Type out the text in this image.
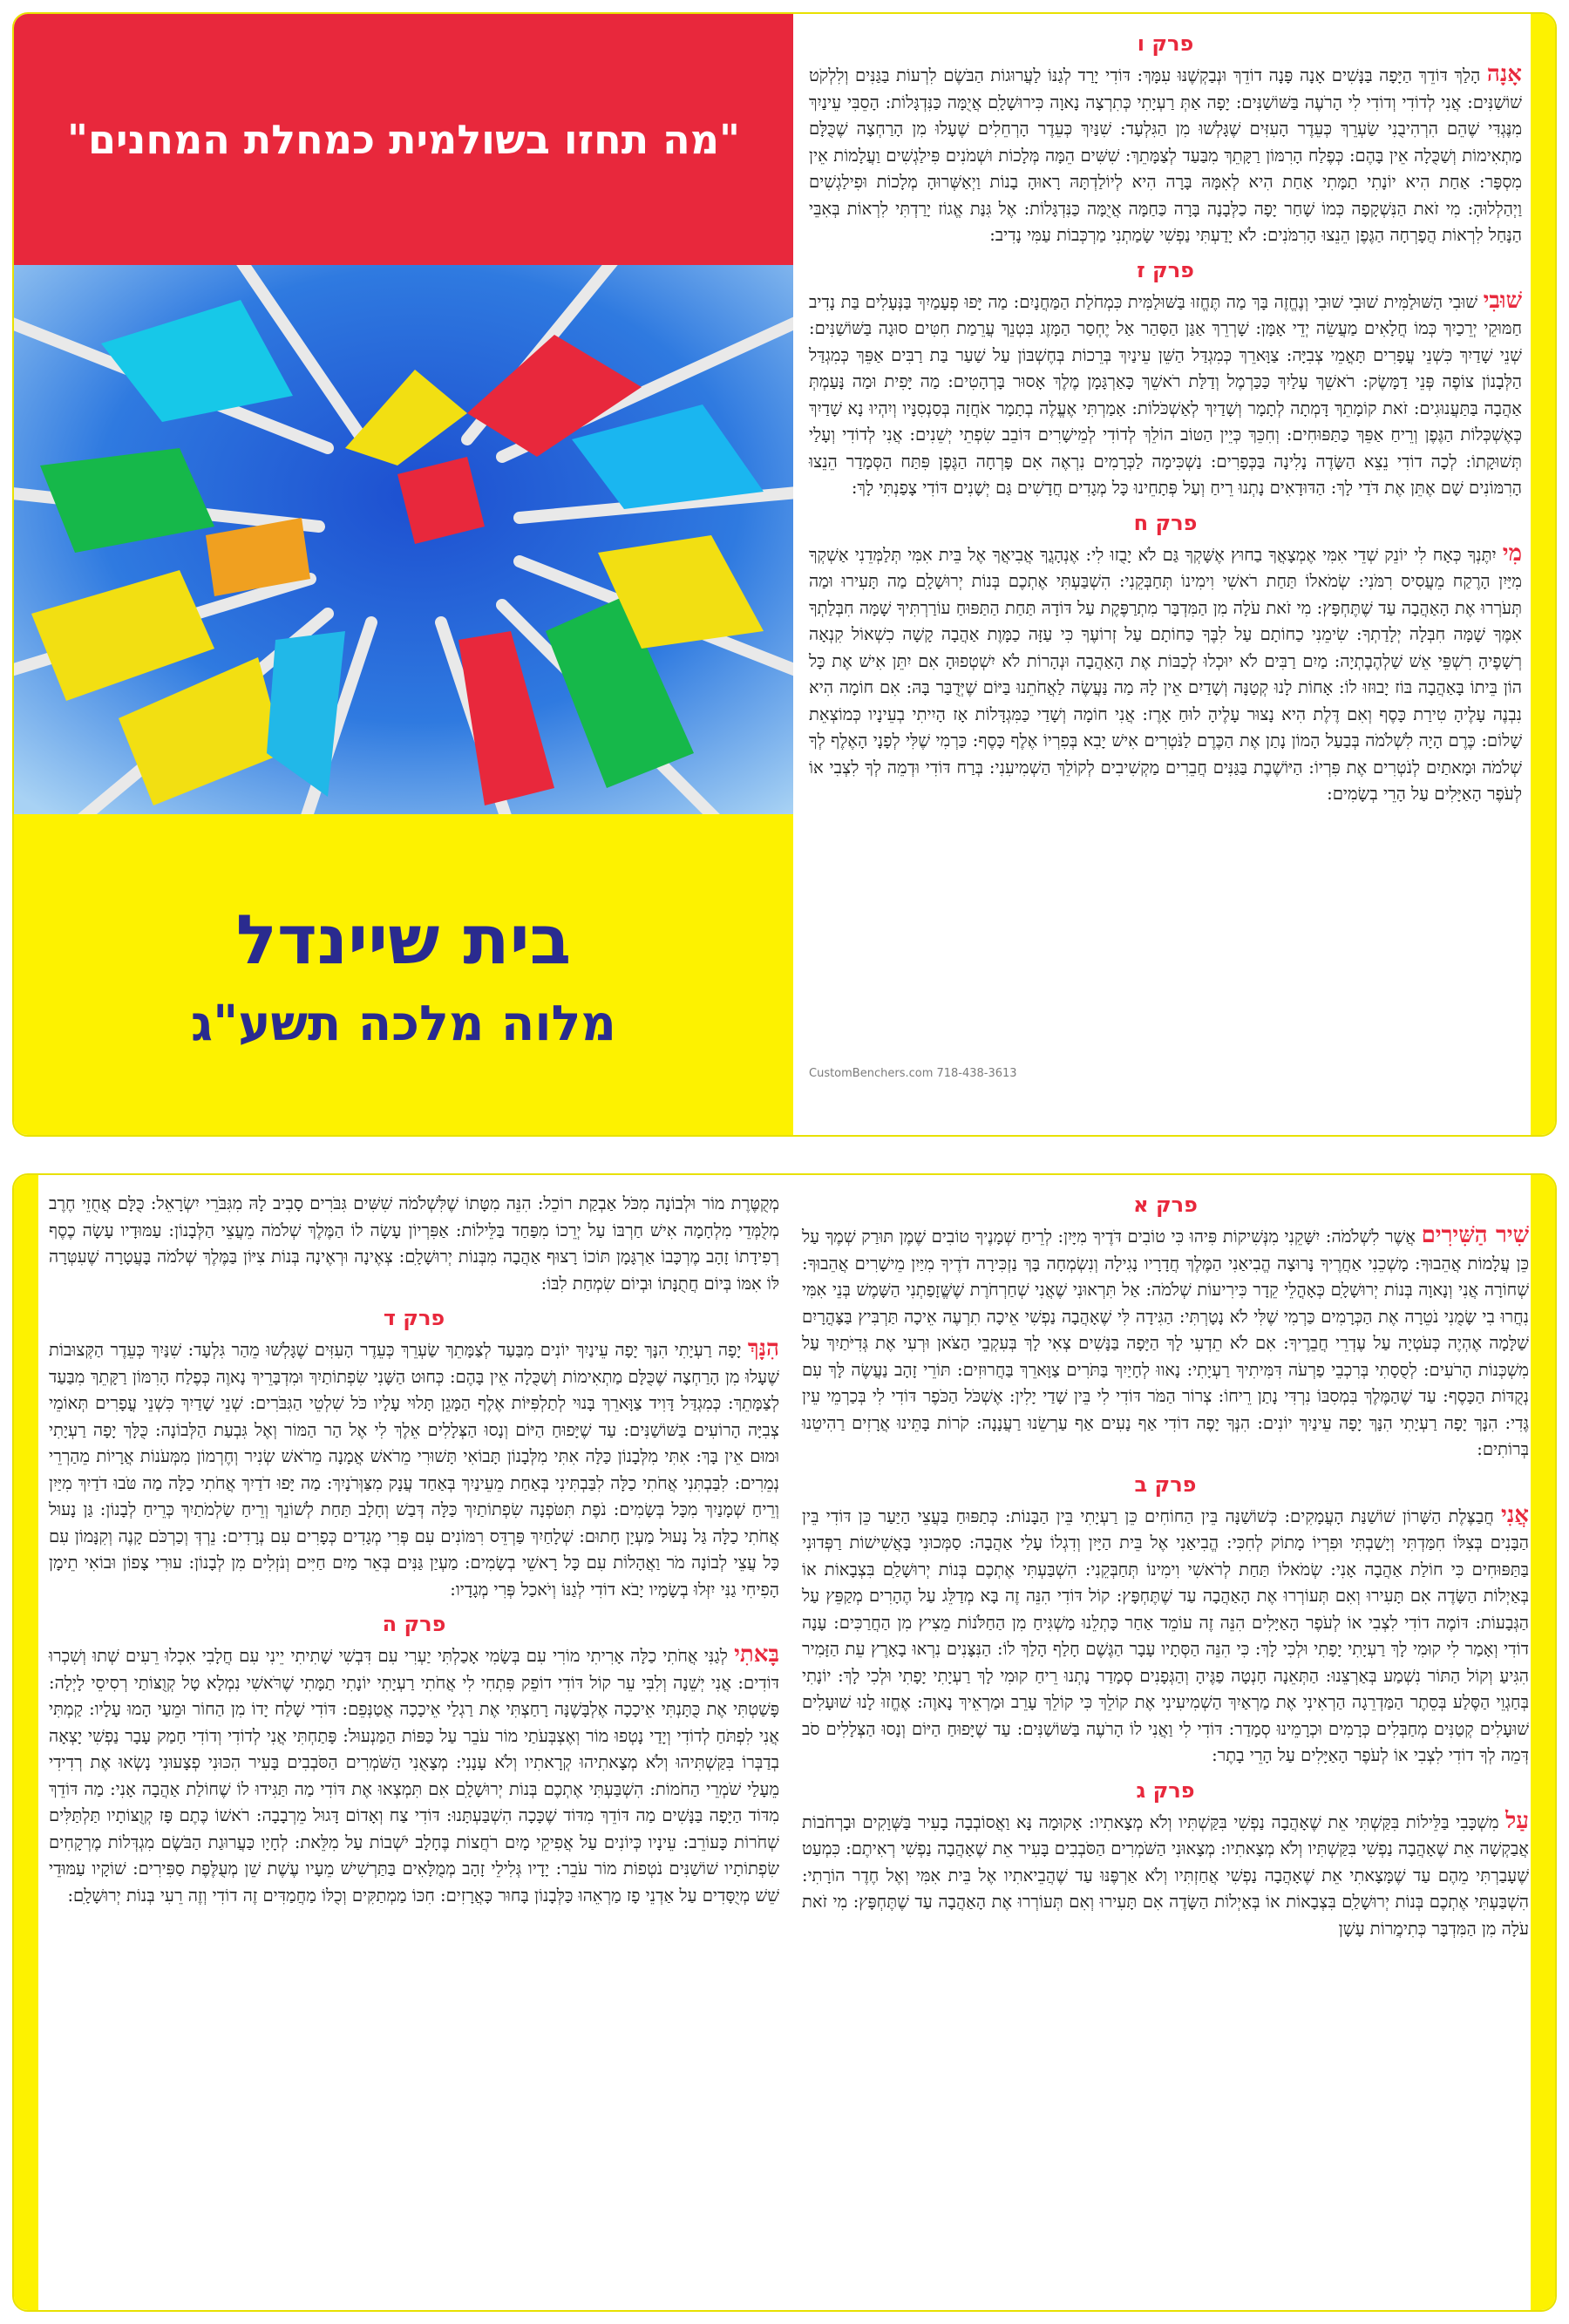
"מה תחזו בשולמית כמחלת המחנים"
בית שיינדל
מלוה מלכה תשע"ג
פרק ו
אָנָה הָלַךְ דּוֹדֵךְ הַיָּפָה בַּנָּשִׁים אָנָה פָּנָה דוֹדֵךְ וּנְבַקְשֶׁנּוּ עִמָּךְ: דּוֹדִי יָרַד לְגַנּוֹ לַעֲרוּגוֹת הַבֹּשֶׂם לִרְעוֹת בַּגַּנִּים וְלִלְקֹט שׁוֹשַׁנִּים: אֲנִי לְדוֹדִי וְדוֹדִי לִי הָרֹעֶה בַּשּׁוֹשַׁנִּים: יָפָה אַתְּ רַעְיָתִי כְּתִרְצָה נָאוָה כִּירוּשָׁלָ‍ִם אֲיֻמָּה כַּנִּדְגָּלוֹת: הָסֵבִּי עֵינַיִךְ מִנֶּגְדִּי שֶׁהֵם הִרְהִיבֻנִי שַׂעְרֵךְ כְּעֵדֶר הָעִזִּים שֶׁגָּלְשׁוּ מִן הַגִּלְעָד: שִׁנַּיִךְ כְּעֵדֶר הָרְחֵלִים שֶׁעָלוּ מִן הָרַחְצָה שֶׁכֻּלָּם מַתְאִימוֹת וְשַׁכֻּלָה אֵין בָּהֶם: כְּפֶלַח הָרִמּוֹן רַקָּתֵךְ מִבַּעַד לְצַמָּתֵךְ: שִׁשִּׁים הֵמָּה מְּלָכוֹת וּשְׁמֹנִים פִּילַגְשִׁים וַעֲלָמוֹת אֵין מִסְפָּר: אַחַת הִיא יוֹנָתִי תַמָּתִי אַחַת הִיא לְאִמָּהּ בָּרָה הִיא לְיוֹלַדְתָּהּ רָאוּהָ בָנוֹת וַיְאַשְּׁרוּהָ מְלָכוֹת וּפִילַגְשִׁים וַיְהַלְלוּהָ: מִי זֹאת הַנִּשְׁקָפָה כְּמוֹ שָׁחַר יָפָה כַלְּבָנָה בָּרָה כַּחַמָּה אֲיֻמָּה כַּנִּדְגָּלוֹת: אֶל גִּנַּת אֱגוֹז יָרַדְתִּי לִרְאוֹת בְּאִבֵּי הַנָּחַל לִרְאוֹת הֲפָרְחָה הַגֶּפֶן הֵנֵצוּ הָרִמֹּנִים: לֹא יָדַעְתִּי נַפְשִׁי שָׂמַתְנִי מַרְכְּבוֹת עַמִּי נָדִיב:
פרק ז
שׁוּבִי שׁוּבִי הַשּׁוּלַמִּית שׁוּבִי שׁוּבִי וְנֶחֱזֶה בָּךְ מַה תֶּחֱזוּ בַּשּׁוּלַמִּית כִּמְחֹלַת הַמַּחֲנָיִם: מַה יָּפוּ פְעָמַיִךְ בַּנְּעָלִים בַּת נָדִיב חַמּוּקֵי יְרֵכַיִךְ כְּמוֹ חֲלָאִים מַעֲשֵׂה יְדֵי אָמָּן: שָׁרְרֵךְ אַגַּן הַסַּהַר אַל יֶחְסַר הַמָּזֶג בִּטְנֵךְ עֲרֵמַת חִטִּים סוּגָה בַּשּׁוֹשַׁנִּים: שְׁנֵי שָׁדַיִךְ כִּשְׁנֵי עֳפָרִים תָּאֳמֵי צְבִיָּה: צַוָּארֵךְ כְּמִגְדַּל הַשֵּׁן עֵינַיִךְ בְּרֵכוֹת בְּחֶשְׁבּוֹן עַל שַׁעַר בַּת רַבִּים אַפֵּךְ כְּמִגְדַּל הַלְּבָנוֹן צוֹפֶה פְּנֵי דַמָּשֶׂק: רֹאשֵׁךְ עָלַיִךְ כַּכַּרְמֶל וְדַלַּת רֹאשֵׁךְ כָּאַרְגָּמָן מֶלֶךְ אָסוּר בָּרְהָטִים: מַה יָּפִית וּמַה נָּעַמְתְּ אַהֲבָה בַּתַּעֲנוּגִים: זֹאת קוֹמָתֵךְ דָּמְתָה לְתָמָר וְשָׁדַיִךְ לְאַשְׁכֹּלוֹת: אָמַרְתִּי אֶעֱלֶה בְתָמָר אֹחֲזָה בְּסַנְסִנָּיו וְיִהְיוּ נָא שָׁדַיִךְ כְּאֶשְׁכְּלוֹת הַגֶּפֶן וְרֵיחַ אַפֵּךְ כַּתַּפּוּחִים: וְחִכֵּךְ כְּיֵין הַטּוֹב הוֹלֵךְ לְדוֹדִי לְמֵישָׁרִים דּוֹבֵב שִׂפְתֵי יְשֵׁנִים: אֲנִי לְדוֹדִי וְעָלַי תְּשׁוּקָתוֹ: לְכָה דוֹדִי נֵצֵא הַשָּׂדֶה נָלִינָה בַּכְּפָרִים: נַשְׁכִּימָה לַכְּרָמִים נִרְאֶה אִם פָּרְחָה הַגֶּפֶן פִּתַּח הַסְּמָדַר הֵנֵצוּ הָרִמּוֹנִים שָׁם אֶתֵּן אֶת דֹּדַי לָךְ: הַדּוּדָאִים נָתְנוּ רֵיחַ וְעַל פְּתָחֵינוּ כָּל מְגָדִים חֲדָשִׁים גַּם יְשָׁנִים דּוֹדִי צָפַנְתִּי לָךְ:
פרק ח
מִי יִתֶּנְךָ כְּאָח לִי יוֹנֵק שְׁדֵי אִמִּי אֶמְצָאֲךָ בַחוּץ אֶשָּׁקְךָ גַּם לֹא יָבֻזוּ לִי: אֶנְהָגֲךָ אֲבִיאֲךָ אֶל בֵּית אִמִּי תְּלַמְּדֵנִי אַשְׁקְךָ מִיַּיִן הָרֶקַח מֵעֲסִיס רִמֹּנִי: שְׂמֹאלוֹ תַּחַת רֹאשִׁי וִימִינוֹ תְּחַבְּקֵנִי: הִשְׁבַּעְתִּי אֶתְכֶם בְּנוֹת יְרוּשָׁלָ‍ִם מַה תָּעִירוּ וּמַה תְּעֹרְרוּ אֶת הָאַהֲבָה עַד שֶׁתֶּחְפָּץ: מִי זֹאת עֹלָה מִן הַמִּדְבָּר מִתְרַפֶּקֶת עַל דּוֹדָהּ תַּחַת הַתַּפּוּחַ עוֹרַרְתִּיךָ שָׁמָּה חִבְּלַתְךָ אִמֶּךָ שָׁמָּה חִבְּלָה יְלָדַתְךָ: שִׂימֵנִי כַחוֹתָם עַל לִבֶּךָ כַּחוֹתָם עַל זְרוֹעֶךָ כִּי עַזָּה כַמָּוֶת אַהֲבָה קָשָׁה כִשְׁאוֹל קִנְאָה רְשָׁפֶיהָ רִשְׁפֵּי אֵשׁ שַׁלְהֶבֶתְיָה: מַיִם רַבִּים לֹא יוּכְלוּ לְכַבּוֹת אֶת הָאַהֲבָה וּנְהָרוֹת לֹא יִשְׁטְפוּהָ אִם יִתֵּן אִישׁ אֶת כָּל הוֹן בֵּיתוֹ בָּאַהֲבָה בּוֹז יָבוּזוּ לוֹ: אָחוֹת לָנוּ קְטַנָּה וְשָׁדַיִם אֵין לָהּ מַה נַּעֲשֶׂה לַאֲחֹתֵנוּ בַּיּוֹם שֶׁיְּדֻבַּר בָּהּ: אִם חוֹמָה הִיא נִבְנֶה עָלֶיהָ טִירַת כָּסֶף וְאִם דֶּלֶת הִיא נָצוּר עָלֶיהָ לוּחַ אָרֶז: אֲנִי חוֹמָה וְשָׁדַי כַּמִּגְדָּלוֹת אָז הָיִיתִי בְעֵינָיו כְּמוֹצְאֵת שָׁלוֹם: כֶּרֶם הָיָה לִשְׁלֹמֹה בְּבַעַל הָמוֹן נָתַן אֶת הַכֶּרֶם לַנֹּטְרִים אִישׁ יָבִא בְּפִרְיוֹ אֶלֶף כָּסֶף: כַּרְמִי שֶׁלִּי לְפָנָי הָאֶלֶף לְךָ שְׁלֹמֹה וּמָאתַיִם לְנֹטְרִים אֶת פִּרְיוֹ: הַיּוֹשֶׁבֶת בַּגַּנִּים חֲבֵרִים מַקְשִׁיבִים לְקוֹלֵךְ הַשְׁמִיעִנִי: בְּרַח דּוֹדִי וּדְמֵה לְךָ לִצְבִי אוֹ לְעֹפֶר הָאַיָּלִים עַל הָרֵי בְשָׂמִים:
CustomBenchers.com 718-438-3613
פרק א
שִׁיר הַשִּׁירִים אֲשֶׁר לִשְׁלֹמֹה: יִשָּׁקֵנִי מִנְּשִׁיקוֹת פִּיהוּ כִּי טוֹבִים דֹּדֶיךָ מִיָּיִן: לְרֵיחַ שְׁמָנֶיךָ טוֹבִים שֶׁמֶן תּוּרַק שְׁמֶךָ עַל כֵּן עֲלָמוֹת אֲהֵבוּךָ: מָשְׁכֵנִי אַחֲרֶיךָ נָּרוּצָה הֱבִיאַנִי הַמֶּלֶךְ חֲדָרָיו נָגִילָה וְנִשְׂמְחָה בָּךְ נַזְכִּירָה דֹדֶיךָ מִיַּיִן מֵישָׁרִים אֲהֵבוּךָ: שְׁחוֹרָה אֲנִי וְנָאוָה בְּנוֹת יְרוּשָׁלָ‍ִם כְּאָהֳלֵי קֵדָר כִּירִיעוֹת שְׁלֹמֹה: אַל תִּרְאוּנִי שֶׁאֲנִי שְׁחַרְחֹרֶת שֶׁשֱּׁזָפַתְנִי הַשָּׁמֶשׁ בְּנֵי אִמִּי נִחֲרוּ בִי שָׂמֻנִי נֹטֵרָה אֶת הַכְּרָמִים כַּרְמִי שֶׁלִּי לֹא נָטָרְתִּי: הַגִּידָה לִּי שֶׁאָהֲבָה נַפְשִׁי אֵיכָה תִרְעֶה אֵיכָה תַּרְבִּיץ בַּצָּהֳרָיִם שַׁלָּמָה אֶהְיֶה כְּעֹטְיָה עַל עֶדְרֵי חֲבֵרֶיךָ: אִם לֹא תֵדְעִי לָךְ הַיָּפָה בַּנָּשִׁים צְאִי לָךְ בְּעִקְבֵי הַצֹּאן וּרְעִי אֶת גְּדִיֹּתַיִךְ עַל מִשְׁכְּנוֹת הָרֹעִים: לְסֻסָתִי בְּרִכְבֵי פַרְעֹה דִּמִּיתִיךְ רַעְיָתִי: נָאווּ לְחָיַיִךְ בַּתֹּרִים צַוָּארֵךְ בַּחֲרוּזִים: תּוֹרֵי זָהָב נַעֲשֶׂה לָּךְ עִם נְקֻדּוֹת הַכָּסֶף: עַד שֶׁהַמֶּלֶךְ בִּמְסִבּוֹ נִרְדִּי נָתַן רֵיחוֹ: צְרוֹר הַמֹּר דּוֹדִי לִי בֵּין שָׁדַי יָלִין: אֶשְׁכֹּל הַכֹּפֶר דּוֹדִי לִי בְּכַרְמֵי עֵין גֶּדִי: הִנָּךְ יָפָה רַעְיָתִי הִנָּךְ יָפָה עֵינַיִךְ יוֹנִים: הִנְּךָ יָפֶה דוֹדִי אַף נָעִים אַף עַרְשֵׂנוּ רַעֲנָנָה: קֹרוֹת בָּתֵּינוּ אֲרָזִים רַהִיטֵנוּ בְּרוֹתִים:
פרק ב
אֲנִי חֲבַצֶּלֶת הַשָּׁרוֹן שׁוֹשַׁנַּת הָעֲמָקִים: כְּשׁוֹשַׁנָּה בֵּין הַחוֹחִים כֵּן רַעְיָתִי בֵּין הַבָּנוֹת: כְּתַפּוּחַ בַּעֲצֵי הַיַּעַר כֵּן דּוֹדִי בֵּין הַבָּנִים בְּצִלּוֹ חִמַּדְתִּי וְיָשַׁבְתִּי וּפִרְיוֹ מָתוֹק לְחִכִּי: הֱבִיאַנִי אֶל בֵּית הַיָּיִן וְדִגְלוֹ עָלַי אַהֲבָה: סַמְּכוּנִי בָּאֲשִׁישׁוֹת רַפְּדוּנִי בַּתַּפּוּחִים כִּי חוֹלַת אַהֲבָה אָנִי: שְׂמֹאלוֹ תַּחַת לְרֹאשִׁי וִימִינוֹ תְּחַבְּקֵנִי: הִשְׁבַּעְתִּי אֶתְכֶם בְּנוֹת יְרוּשָׁלַ‍ִם בִּצְבָאוֹת אוֹ בְּאַיְלוֹת הַשָּׂדֶה אִם תָּעִירוּ וְאִם תְּעוֹרְרוּ אֶת הָאַהֲבָה עַד שֶׁתֶּחְפָּץ: קוֹל דּוֹדִי הִנֵּה זֶה בָּא מְדַלֵּג עַל הֶהָרִים מְקַפֵּץ עַל הַגְּבָעוֹת: דּוֹמֶה דוֹדִי לִצְבִי אוֹ לְעֹפֶר הָאַיָּלִים הִנֵּה זֶה עוֹמֵד אַחַר כָּתְלֵנוּ מַשְׁגִּיחַ מִן הַחַלֹּנוֹת מֵצִיץ מִן הַחֲרַכִּים: עָנָה דוֹדִי וְאָמַר לִי קוּמִי לָךְ רַעְיָתִי יָפָתִי וּלְכִי לָךְ: כִּי הִנֵּה הַסְּתָיו עָבָר הַגֶּשֶׁם חָלַף הָלַךְ לוֹ: הַנִּצָּנִים נִרְאוּ בָאָרֶץ עֵת הַזָּמִיר הִגִּיעַ וְקוֹל הַתּוֹר נִשְׁמַע בְּאַרְצֵנוּ: הַתְּאֵנָה חָנְטָה פַגֶּיהָ וְהַגְּפָנִים סְמָדַר נָתְנוּ רֵיחַ קוּמִי לָךְ רַעְיָתִי יָפָתִי וּלְכִי לָךְ: יוֹנָתִי בְּחַגְוֵי הַסֶּלַע בְּסֵתֶר הַמַּדְרֵגָה הַרְאִינִי אֶת מַרְאַיִךְ הַשְׁמִיעִינִי אֶת קוֹלֵךְ כִּי קוֹלֵךְ עָרֵב וּמַרְאֵיךְ נָאוֶה: אֶחֱזוּ לָנוּ שׁוּעָלִים שׁוּעָלִים קְטַנִּים מְחַבְּלִים כְּרָמִים וּכְרָמֵינוּ סְמָדַר: דּוֹדִי לִי וַאֲנִי לוֹ הָרֹעֶה בַּשּׁוֹשַׁנִּים: עַד שֶׁיָּפוּחַ הַיּוֹם וְנָסוּ הַצְּלָלִים סֹב דְּמֵה לְךָ דוֹדִי לִצְבִי אוֹ לְעֹפֶר הָאַיָּלִים עַל הָרֵי בָתֶר:
פרק ג
עַל מִשְׁכָּבִי בַּלֵּילוֹת בִּקַּשְׁתִּי אֵת שֶׁאָהֲבָה נַפְשִׁי בִּקַּשְׁתִּיו וְלֹא מְצָאתִיו: אָקוּמָה נָּא וַאֲסוֹבְבָה בָעִיר בַּשְּׁוָקִים וּבָרְחֹבוֹת אֲבַקְשָׁה אֵת שֶׁאָהֲבָה נַפְשִׁי בִּקַּשְׁתִּיו וְלֹא מְצָאתִיו: מְצָאוּנִי הַשֹּׁמְרִים הַסֹּבְבִים בָּעִיר אֵת שֶׁאָהֲבָה נַפְשִׁי רְאִיתֶם: כִּמְעַט שֶׁעָבַרְתִּי מֵהֶם עַד שֶׁמָּצָאתִי אֵת שֶׁאָהֲבָה נַפְשִׁי אֲחַזְתִּיו וְלֹא אַרְפֶּנּוּ עַד שֶׁהֲבֵיאתִיו אֶל בֵּית אִמִּי וְאֶל חֶדֶר הוֹרָתִי: הִשְׁבַּעְתִּי אֶתְכֶם בְּנוֹת יְרוּשָׁלַ‍ִם בִּצְבָאוֹת אוֹ בְּאַיְלוֹת הַשָּׂדֶה אִם תָּעִירוּ וְאִם תְּעוֹרְרוּ אֶת הָאַהֲבָה עַד שֶׁתֶּחְפָּץ: מִי זֹאת עֹלָה מִן הַמִּדְבָּר כְּתִימֲרוֹת עָשָׁן
מְקֻטֶּרֶת מוֹר וּלְבוֹנָה מִכֹּל אַבְקַת רוֹכֵל: הִנֵּה מִטָּתוֹ שֶׁלִּשְׁלֹמֹה שִׁשִּׁים גִּבֹּרִים סָבִיב לָהּ מִגִּבֹּרֵי יִשְׂרָאֵל: כֻּלָּם אֲחֻזֵי חֶרֶב מְלֻמְּדֵי מִלְחָמָה אִישׁ חַרְבּוֹ עַל יְרֵכוֹ מִפַּחַד בַּלֵּילוֹת: אַפִּרְיוֹן עָשָׂה לוֹ הַמֶּלֶךְ שְׁלֹמֹה מֵעֲצֵי הַלְּבָנוֹן: עַמּוּדָיו עָשָׂה כֶסֶף רְפִידָתוֹ זָהָב מֶרְכָּבוֹ אַרְגָּמָן תּוֹכוֹ רָצוּף אַהֲבָה מִבְּנוֹת יְרוּשָׁלָ‍ִם: צְאֶינָה וּרְאֶינָה בְּנוֹת צִיּוֹן בַּמֶּלֶךְ שְׁלֹמֹה בָּעֲטָרָה שֶׁעִטְּרָה לּוֹ אִמּוֹ בְּיוֹם חֲתֻנָּתוֹ וּבְיוֹם שִׂמְחַת לִבּוֹ:
פרק ד
הִנָּךְ יָפָה רַעְיָתִי הִנָּךְ יָפָה עֵינַיִךְ יוֹנִים מִבַּעַד לְצַמָּתֵךְ שַׂעְרֵךְ כְּעֵדֶר הָעִזִּים שֶׁגָּלְשׁוּ מֵהַר גִּלְעָד: שִׁנַּיִךְ כְּעֵדֶר הַקְּצוּבוֹת שֶׁעָלוּ מִן הָרַחְצָה שֶׁכֻּלָּם מַתְאִימוֹת וְשַׁכֻּלָה אֵין בָּהֶם: כְּחוּט הַשָּׁנִי שִׂפְתוֹתַיִךְ וּמִדְבָּרֵיךְ נָאוֶה כְּפֶלַח הָרִמּוֹן רַקָּתֵךְ מִבַּעַד לְצַמָּתֵךְ: כְּמִגְדַּל דָּוִיד צַוָּארֵךְ בָּנוּי לְתַלְפִּיּוֹת אֶלֶף הַמָּגֵן תָּלוּי עָלָיו כֹּל שִׁלְטֵי הַגִּבֹּרִים: שְׁנֵי שָׁדַיִךְ כִּשְׁנֵי עֳפָרִים תְּאוֹמֵי צְבִיָּה הָרוֹעִים בַּשּׁוֹשַׁנִּים: עַד שֶׁיָּפוּחַ הַיּוֹם וְנָסוּ הַצְּלָלִים אֵלֶךְ לִי אֶל הַר הַמּוֹר וְאֶל גִּבְעַת הַלְּבוֹנָה: כֻּלָּךְ יָפָה רַעְיָתִי וּמוּם אֵין בָּךְ: אִתִּי מִלְּבָנוֹן כַּלָּה אִתִּי מִלְּבָנוֹן תָּבוֹאִי תָּשׁוּרִי מֵרֹאשׁ אֲמָנָה מֵרֹאשׁ שְׂנִיר וְחֶרְמוֹן מִמְּעֹנוֹת אֲרָיוֹת מֵהַרְרֵי נְמֵרִים: לִבַּבְתִּנִי אֲחֹתִי כַלָּה לִבַּבְתִּינִי בְּאַחַת מֵעֵינַיִךְ בְּאַחַד עֲנָק מִצַּוְּרֹנָיִךְ: מַה יָּפוּ דֹדַיִךְ אֲחֹתִי כַלָּה מַה טֹּבוּ דֹדַיִךְ מִיַּיִן וְרֵיחַ שְׁמָנַיִךְ מִכָּל בְּשָׂמִים: נֹפֶת תִּטֹּפְנָה שִׂפְתוֹתַיִךְ כַּלָּה דְּבַשׁ וְחָלָב תַּחַת לְשׁוֹנֵךְ וְרֵיחַ שַׂלְמֹתַיִךְ כְּרֵיחַ לְבָנוֹן: גַּן נָעוּל אֲחֹתִי כַלָּה גַּל נָעוּל מַעְיָן חָתוּם: שְׁלָחַיִךְ פַּרְדֵּס רִמּוֹנִים עִם פְּרִי מְגָדִים כְּפָרִים עִם נְרָדִים: נֵרְדְּ וְכַרְכֹּם קָנֶה וְקִנָּמוֹן עִם כָּל עֲצֵי לְבוֹנָה מֹר וַאֲהָלוֹת עִם כָּל רָאשֵׁי בְשָׂמִים: מַעְיַן גַּנִּים בְּאֵר מַיִם חַיִּים וְנֹזְלִים מִן לְבָנוֹן: עוּרִי צָפוֹן וּבוֹאִי תֵימָן הָפִיחִי גַנִּי יִזְּלוּ בְשָׂמָיו יָבֹא דוֹדִי לְגַנּוֹ וְיֹאכַל פְּרִי מְגָדָיו:
פרק ה
בָּאתִי לְגַנִּי אֲחֹתִי כַלָּה אָרִיתִי מוֹרִי עִם בְּשָׂמִי אָכַלְתִּי יַעְרִי עִם דִּבְשִׁי שָׁתִיתִי יֵינִי עִם חֲלָבִי אִכְלוּ רֵעִים שְׁתוּ וְשִׁכְרוּ דּוֹדִים: אֲנִי יְשֵׁנָה וְלִבִּי עֵר קוֹל דּוֹדִי דוֹפֵק פִּתְחִי לִי אֲחֹתִי רַעְיָתִי יוֹנָתִי תַמָּתִי שֶׁרֹּאשִׁי נִמְלָא טָל קְוֻצּוֹתַי רְסִיסֵי לָיְלָה: פָּשַׁטְתִּי אֶת כֻּתָּנְתִּי אֵיכָכָה אֶלְבָּשֶׁנָּה רָחַצְתִּי אֶת רַגְלַי אֵיכָכָה אֲטַנְּפֵם: דּוֹדִי שָׁלַח יָדוֹ מִן הַחוֹר וּמֵעַי הָמוּ עָלָיו: קַמְתִּי אֲנִי לִפְתֹּחַ לְדוֹדִי וְיָדַי נָטְפוּ מוֹר וְאֶצְבְּעֹתַי מוֹר עֹבֵר עַל כַּפּוֹת הַמַּנְעוּל: פָּתַחְתִּי אֲנִי לְדוֹדִי וְדוֹדִי חָמַק עָבָר נַפְשִׁי יָצְאָה בְדַבְּרוֹ בִּקַּשְׁתִּיהוּ וְלֹא מְצָאתִיהוּ קְרָאתִיו וְלֹא עָנָנִי: מְצָאֻנִי הַשֹּׁמְרִים הַסֹּבְבִים בָּעִיר הִכּוּנִי פְצָעוּנִי נָשְׂאוּ אֶת רְדִידִי מֵעָלַי שֹׁמְרֵי הַחֹמוֹת: הִשְׁבַּעְתִּי אֶתְכֶם בְּנוֹת יְרוּשָׁלָ‍ִם אִם תִּמְצְאוּ אֶת דּוֹדִי מַה תַּגִּידוּ לוֹ שֶׁחוֹלַת אַהֲבָה אָנִי: מַה דּוֹדֵךְ מִדּוֹד הַיָּפָה בַּנָּשִׁים מַה דּוֹדֵךְ מִדּוֹד שֶׁכָּכָה הִשְׁבַּעְתָּנוּ: דּוֹדִי צַח וְאָדוֹם דָּגוּל מֵרְבָבָה: רֹאשׁוֹ כֶּתֶם פָּז קְוֻצּוֹתָיו תַּלְתַּלִּים שְׁחֹרוֹת כָּעוֹרֵב: עֵינָיו כְּיוֹנִים עַל אֲפִיקֵי מָיִם רֹחֲצוֹת בֶּחָלָב יֹשְׁבוֹת עַל מִלֵּאת: לְחָיָו כַּעֲרוּגַת הַבֹּשֶׂם מִגְדְּלוֹת מֶרְקָחִים שִׂפְתוֹתָיו שׁוֹשַׁנִּים נֹטְפוֹת מוֹר עֹבֵר: יָדָיו גְּלִילֵי זָהָב מְמֻלָּאִים בַּתַּרְשִׁישׁ מֵעָיו עֶשֶׁת שֵׁן מְעֻלֶּפֶת סַפִּירִים: שׁוֹקָיו עַמּוּדֵי שֵׁשׁ מְיֻסָּדִים עַל אַדְנֵי פָז מַרְאֵהוּ כַּלְּבָנוֹן בָּחוּר כָּאֲרָזִים: חִכּוֹ מַמְתַקִּים וְכֻלּוֹ מַחֲמַדִּים זֶה דוֹדִי וְזֶה רֵעִי בְּנוֹת יְרוּשָׁלָ‍ִם:
